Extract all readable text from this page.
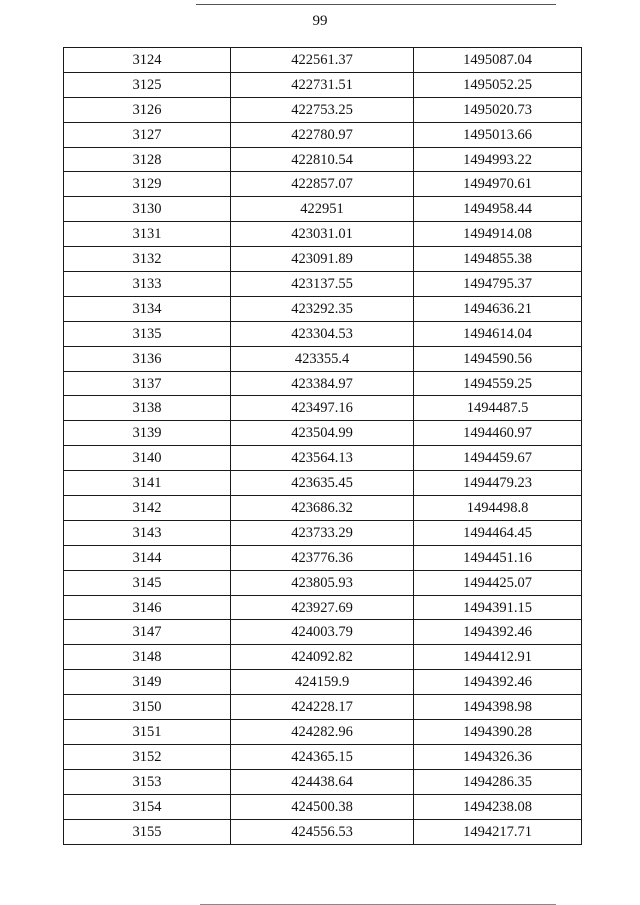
99
3124	422561.37	1495087.04
3125	422731.51	1495052.25
3126	422753.25	1495020.73
3127	422780.97	1495013.66
3128	422810.54	1494993.22
3129	422857.07	1494970.61
3130	422951	1494958.44
3131	423031.01	1494914.08
3132	423091.89	1494855.38
3133	423137.55	1494795.37
3134	423292.35	1494636.21
3135	423304.53	1494614.04
3136	423355.4	1494590.56
3137	423384.97	1494559.25
3138	423497.16	1494487.5
3139	423504.99	1494460.97
3140	423564.13	1494459.67
3141	423635.45	1494479.23
3142	423686.32	1494498.8
3143	423733.29	1494464.45
3144	423776.36	1494451.16
3145	423805.93	1494425.07
3146	423927.69	1494391.15
3147	424003.79	1494392.46
3148	424092.82	1494412.91
3149	424159.9	1494392.46
3150	424228.17	1494398.98
3151	424282.96	1494390.28
3152	424365.15	1494326.36
3153	424438.64	1494286.35
3154	424500.38	1494238.08
3155	424556.53	1494217.71
